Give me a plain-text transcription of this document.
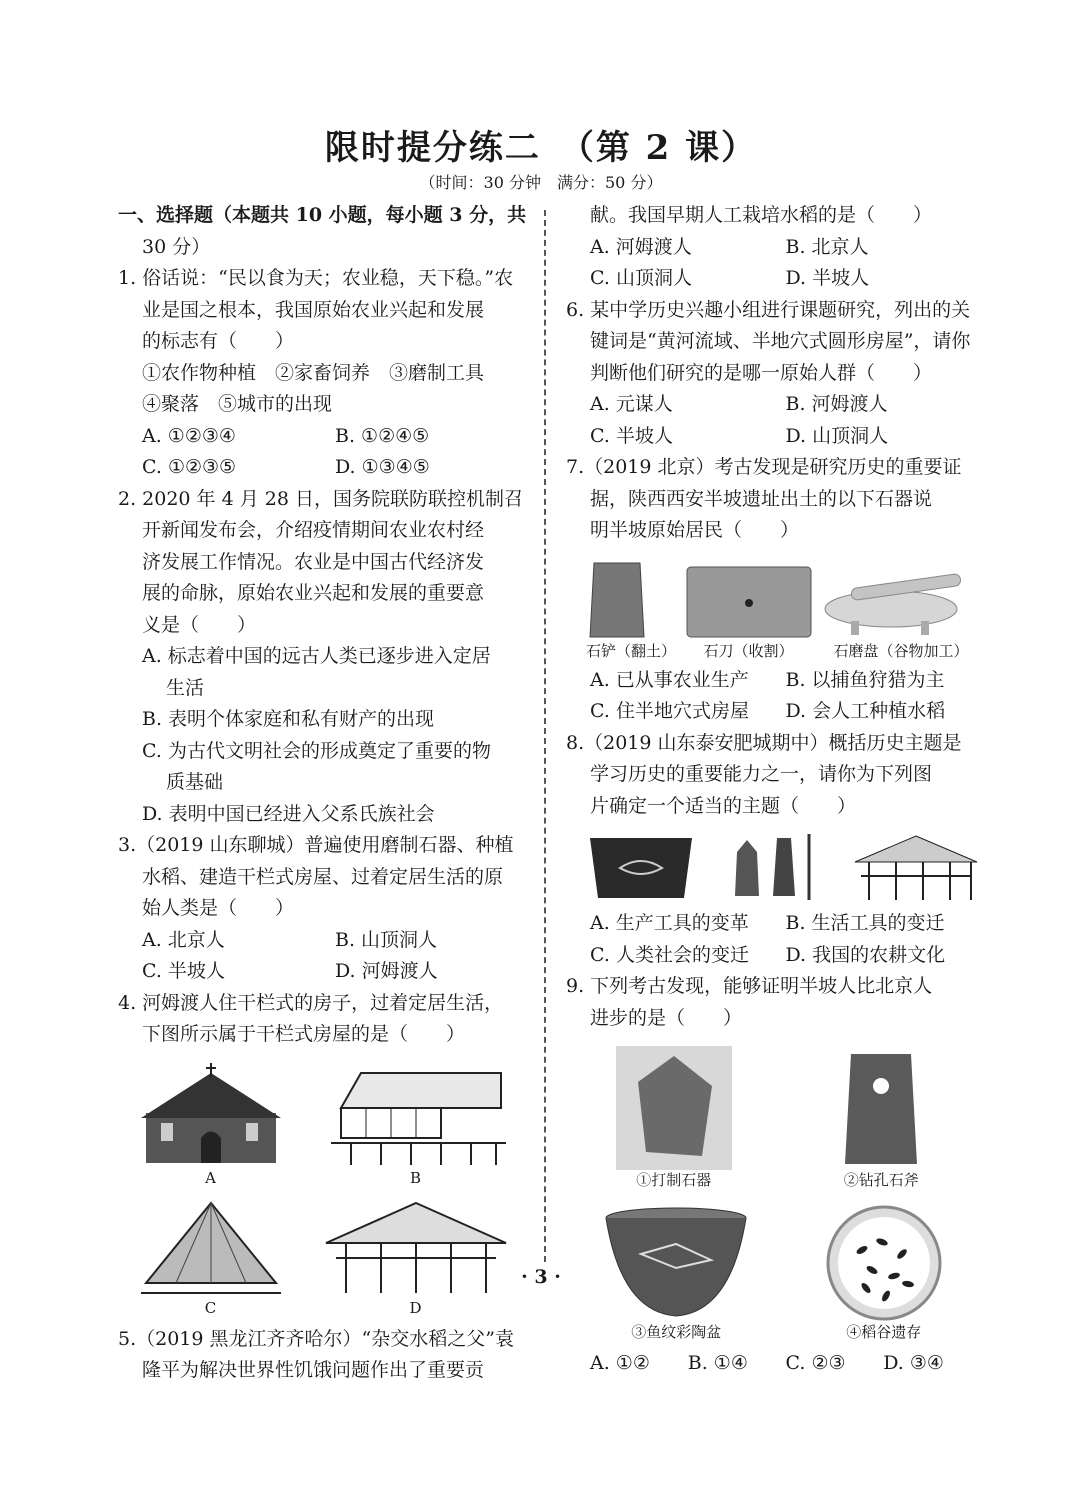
限时提分练二　（第 2 课）
（时间：30 分钟　满分：50 分）
一、选择题（本题共 10 小题，每小题 3 分，共
30 分）
1. 俗话说：“民以食为天；农业稳，天下稳。”农
业是国之根本，我国原始农业兴起和发展
的标志有（　　）
①农作物种植　②家畜饲养　③磨制工具
④聚落　⑤城市的出现
A. ①②③④	B. ①②④⑤
C. ①②③⑤	D. ①③④⑤
2. 2020 年 4 月 28 日，国务院联防联控机制召
开新闻发布会，介绍疫情期间农业农村经
济发展工作情况。农业是中国古代经济发
展的命脉，原始农业兴起和发展的重要意
义是（　　）
A. 标志着中国的远古人类已逐步进入定居
生活
B. 表明个体家庭和私有财产的出现
C. 为古代文明社会的形成奠定了重要的物
质基础
D. 表明中国已经进入父系氏族社会
3.（2019 山东聊城）普遍使用磨制石器、种植
水稻、建造干栏式房屋、过着定居生活的原
始人类是（　　）
A. 北京人	B. 山顶洞人
C. 半坡人	D. 河姆渡人
4. 河姆渡人住干栏式的房子，过着定居生活，
下图所示属于干栏式房屋的是（　　）
A	B
C	D
5.（2019 黑龙江齐齐哈尔）“杂交水稻之父”袁
隆平为解决世界性饥饿问题作出了重要贡
献。我国早期人工栽培水稻的是（　　）
A. 河姆渡人	B. 北京人
C. 山顶洞人	D. 半坡人
6. 某中学历史兴趣小组进行课题研究，列出的关
键词是“黄河流域、半地穴式圆形房屋”，请你
判断他们研究的是哪一原始人群（　　）
A. 元谋人	B. 河姆渡人
C. 半坡人	D. 山顶洞人
7.（2019 北京）考古发现是研究历史的重要证
据，陕西西安半坡遗址出土的以下石器说
明半坡原始居民（　　）
石铲（翻土）	石刀（收割）	石磨盘（谷物加工）
A. 已从事农业生产	B. 以捕鱼狩猎为主
C. 住半地穴式房屋	D. 会人工种植水稻
8.（2019 山东泰安肥城期中）概括历史主题是
学习历史的重要能力之一，请你为下列图
片确定一个适当的主题（　　）
A. 生产工具的变革	B. 生活工具的变迁
C. 人类社会的变迁	D. 我国的农耕文化
9. 下列考古发现，能够证明半坡人比北京人
进步的是（　　）
①打制石器	②钻孔石斧
③鱼纹彩陶盆	④稻谷遗存
A. ①②	B. ①④	C. ②③	D. ③④
· 3 ·
